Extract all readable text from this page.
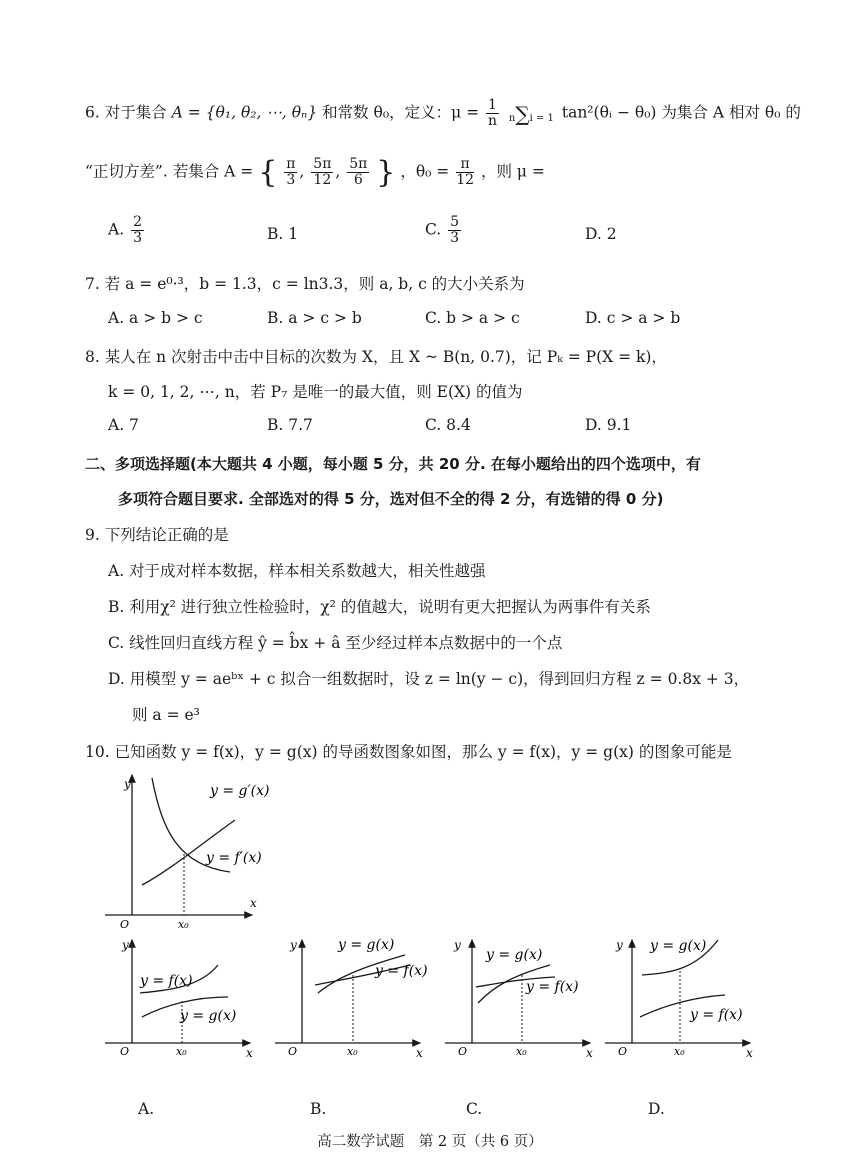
6. 对于集合 A = {θ₁, θ₂, ⋯, θₙ} 和常数 θ₀，定义：$\mu = \frac{1}{n} n\sum i = 1$ tan²(θᵢ − θ₀) 为集合 A 相对 θ₀ 的
“正切方差”. 若集合 A = { $\frac{\pi}{3}$ , $\frac{5\pi}{12}$ , $\frac{5\pi}{6}$ } ，$\theta_0 = \frac{\pi}{12}$ ，则 μ =
A. $\frac{2}{3}$	B. 1	C. $\frac{5}{3}$	D. 2
7. 若 a = e⁰·³，b = 1.3，c = ln3.3，则 a, b, c 的大小关系为
A. a > b > c	B. a > c > b	C. b > a > c	D. c > a > b
8. 某人在 n 次射击中击中目标的次数为 X，且 X ~ B(n, 0.7)，记 Pₖ = P(X = k)，
k = 0, 1, 2, ⋯, n，若 P₇ 是唯一的最大值，则 E(X) 的值为
A. 7	B. 7.7	C. 8.4	D. 9.1
二、多项选择题(本大题共 4 小题，每小题 5 分，共 20 分. 在每小题给出的四个选项中，有
多项符合题目要求. 全部选对的得 5 分，选对但不全的得 2 分，有选错的得 0 分)
9. 下列结论正确的是
A. 对于成对样本数据，样本相关系数越大，相关性越强
B. 利用χ² 进行独立性检验时，χ² 的值越大，说明有更大把握认为两事件有关系
C. 线性回归直线方程 ŷ = b̂x + â 至少经过样本点数据中的一个点
D. 用模型 y = aeᵇˣ + c 拟合一组数据时，设 z = ln(y − c)，得到回归方程 z = 0.8x + 3，
则 a = e³
10. 已知函数 y = f(x)，y = g(x) 的导函数图象如图，那么 y = f(x)，y = g(x) 的图象可能是
y
x
O	x₀
y = g′(x)
y = f′(x)
y
x
O	x₀
y = f(x)
y = g(x)
A.
y
x
O	x₀
y = g(x)
y = f(x)
B.
y
x
O	x₀
y = g(x)
y = f(x)
C.
y
x
O	x₀
y = g(x)
y = f(x)
D.
高二数学试题　第 2 页（共 6 页）
